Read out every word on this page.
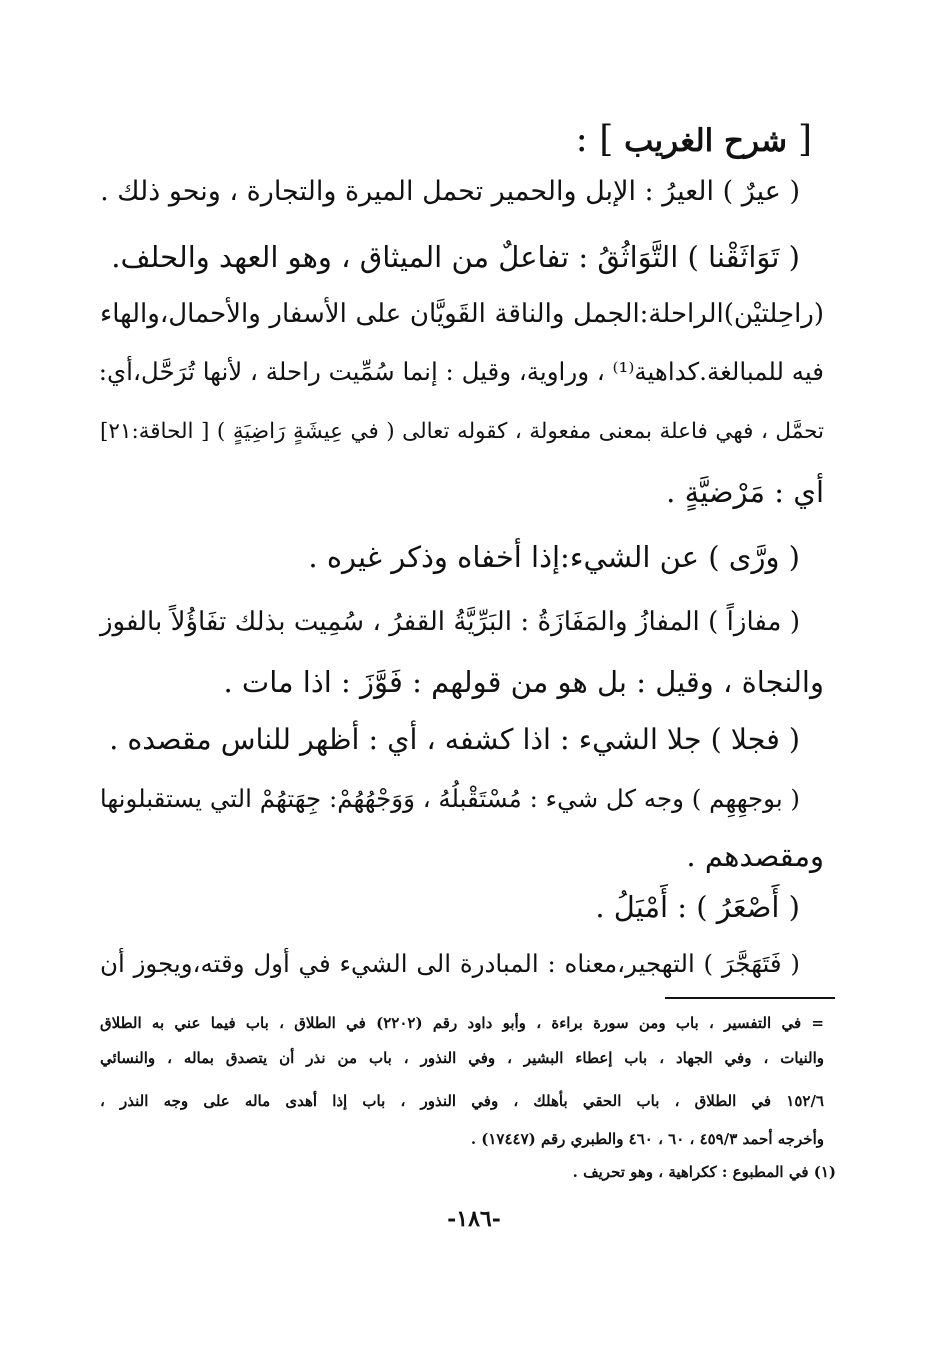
[ شرح الغريب ] :
( عيرٌ ) العيرُ : الإبل والحمير تحمل الميرة والتجارة ، ونحو ذلك .
( تَوَاثَقْنا ) التَّوَاثُقُ : تفاعلٌ من الميثاق ، وهو العهد والحلف.
(راحِلتيْن)الراحلة:الجمل والناقة القَويَّان على الأسفار والأحمال،والهاء
فيه للمبالغة.كداهية⁽¹⁾ ، وراوية، وقيل : إنما سُمِّيت راحلة ، لأنها تُرَحَّل،أي:
تحمَّل ، فهي فاعلة بمعنى مفعولة ، كقوله تعالى ( في عِيشَةٍ رَاضِيَةٍ ) [ الحاقة:٢١]
أي : مَرْضيَّةٍ .
( ورَّى ) عن الشيء:إذا أخفاه وذكر غيره .
( مفازاً ) المفازُ والمَفَازَةُ : البَرِّيَّةُ القفرُ ، سُمِيت بذلك تفَاؤُلاً بالفوز
والنجاة ، وقيل : بل هو من قولهم : فَوَّزَ : اذا مات .
( فجلا ) جلا الشيء : اذا كشفه ، أي : أظهر للناس مقصده .
( بوجهِهِم ) وجه كل شيء : مُسْتَقْبلُهُ ، وَوَجْهُهُمْ: جِهَتهُمْ التي يستقبلونها
ومقصدهم .
( أَصْعَرُ ) : أَمْيَلُ .
( فَتَهَجَّرَ ) التهجير،معناه : المبادرة الى الشيء في أول وقته،ويجوز أن
= في التفسير ، باب ومن سورة براءة ، وأبو داود رقم (٢٢٠٢) في الطلاق ، باب فيما عني به الطلاق
والنيات ، وفي الجهاد ، باب إعطاء البشير ، وفي النذور ، باب من نذر أن يتصدق بماله ، والنسائي
١٥٢/٦ في الطلاق ، باب الحقي بأهلك ، وفي النذور ، باب إذا أهدى ماله على وجه النذر ،
وأخرجه أحمد ٤٥٩/٣ ، ٦٠ ، ٤٦٠ والطبري رقم (١٧٤٤٧) .
(١) في المطبوع : ككراهية ، وهو تحريف .
-١٨٦-
